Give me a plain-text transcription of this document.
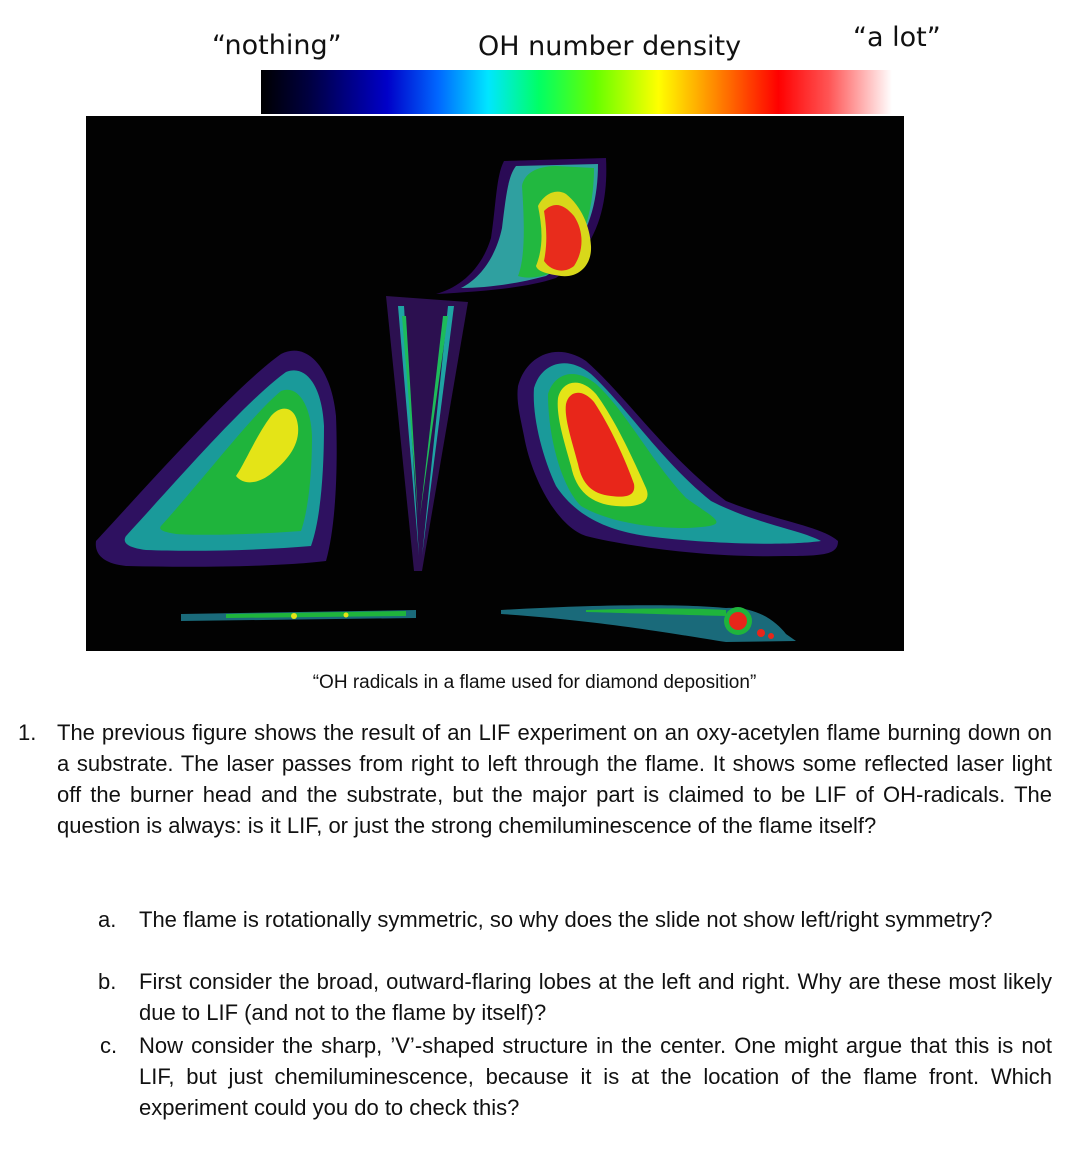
“nothing”	OH number density	“a lot”
“OH radicals in a flame used for diamond deposition”
1. The previous figure shows the result of an LIF experiment on an oxy-acetylen flame burning down on a substrate. The laser passes from right to left through the flame. It shows some reflected laser light off the burner head and the substrate, but the major part is claimed to be LIF of OH-radicals. The question is always: is it LIF, or just the strong chemiluminescence of the flame itself?
a. The flame is rotationally symmetric, so why does the slide not show left/right symmetry?
b. First consider the broad, outward-flaring lobes at the left and right. Why are these most likely due to LIF (and not to the flame by itself)?
c. Now consider the sharp, ’V’-shaped structure in the center. One might argue that this is not LIF, but just chemiluminescence, because it is at the location of the flame front. Which experiment could you do to check this?
